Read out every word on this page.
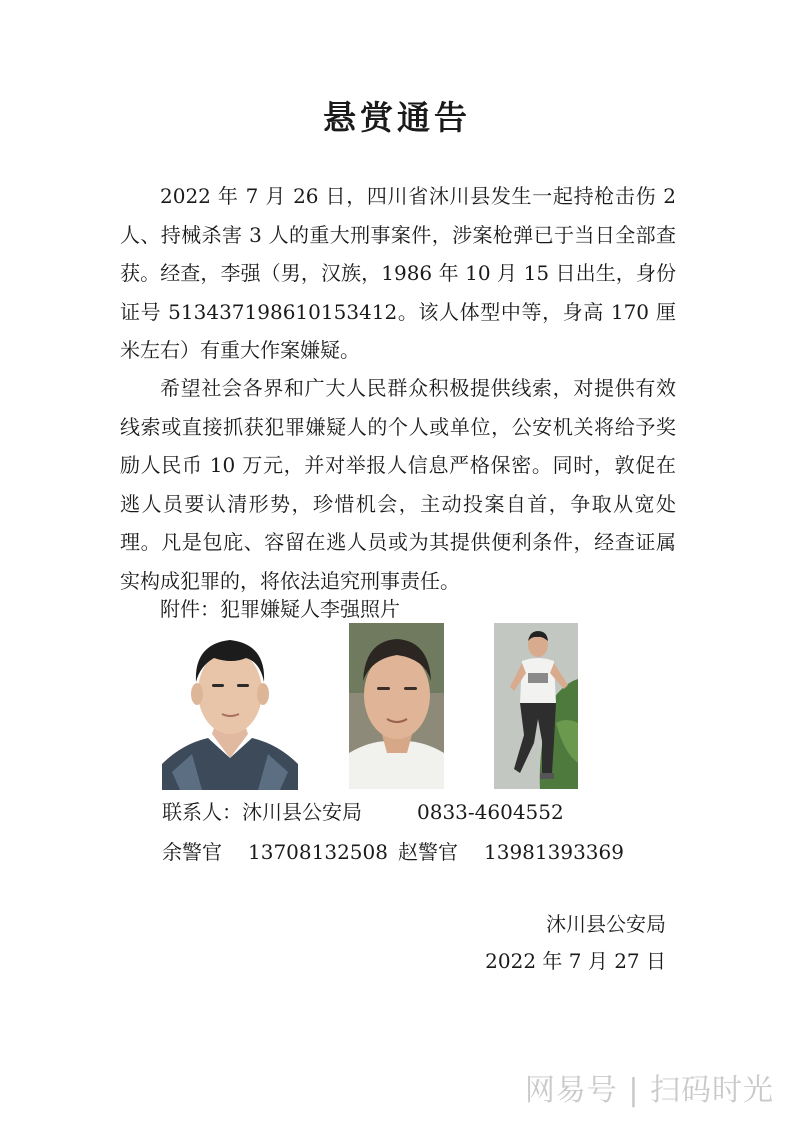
悬赏通告

2022 年 7 月 26 日，四川省沐川县发生一起持枪击伤 2 人、持械杀害 3 人的重大刑事案件，涉案枪弹已于当日全部查获。经查，李强（男，汉族，1986 年 10 月 15 日出生，身份证号 513437198610153412。该人体型中等，身高 170 厘米左右）有重大作案嫌疑。

希望社会各界和广大人民群众积极提供线索，对提供有效线索或直接抓获犯罪嫌疑人的个人或单位，公安机关将给予奖励人民币 10 万元，并对举报人信息严格保密。同时，敦促在逃人员要认清形势，珍惜机会，主动投案自首，争取从宽处理。凡是包庇、容留在逃人员或为其提供便利条件，经查证属实构成犯罪的，将依法追究刑事责任。

附件：犯罪嫌疑人李强照片
联系人：沐川县公安局	0833-4604552
余警官 13708132508 赵警官 13981393369
沐川县公安局
2022 年 7 月 27 日
网易号 | 扫码时光
